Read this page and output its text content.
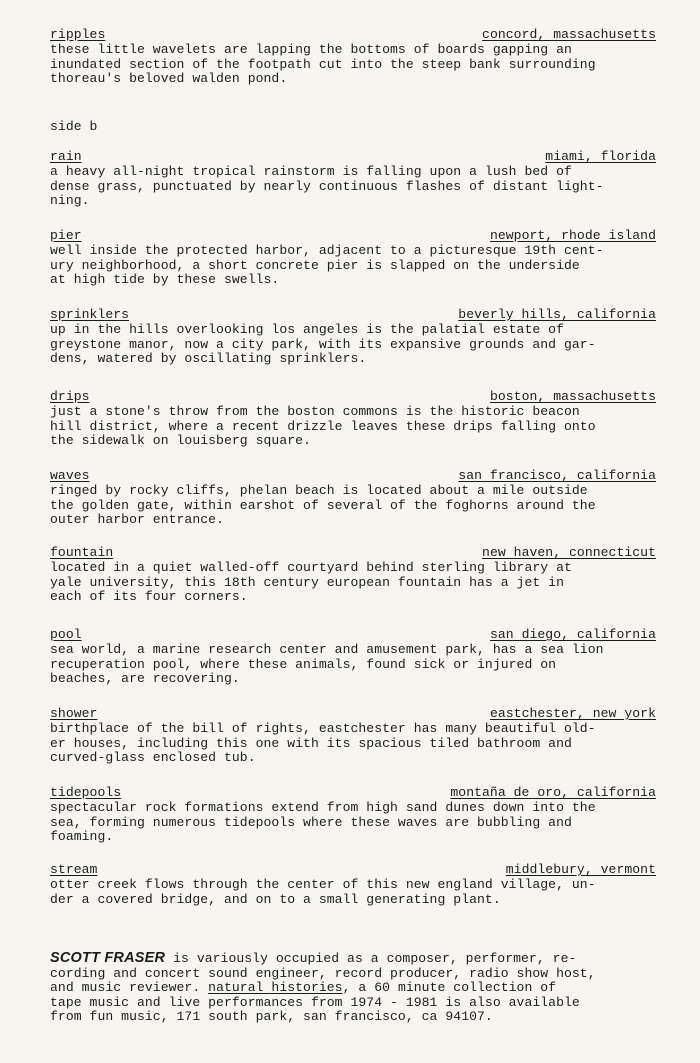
ripples	concord, massachusetts
these little wavelets are lapping the bottoms of boards gapping an
inundated section of the footpath cut into the steep bank surrounding
thoreau's beloved walden pond.
side b
rain	miami, florida
a heavy all-night tropical rainstorm is falling upon a lush bed of
dense grass, punctuated by nearly continuous flashes of distant light-
ning.
pier	newport, rhode island
well inside the protected harbor, adjacent to a picturesque 19th cent-
ury neighborhood, a short concrete pier is slapped on the underside
at high tide by these swells.
sprinklers	beverly hills, california
up in the hills overlooking los angeles is the palatial estate of
greystone manor, now a city park, with its expansive grounds and gar-
dens, watered by oscillating sprinklers.
drips	boston, massachusetts
just a stone's throw from the boston commons is the historic beacon
hill district, where a recent drizzle leaves these drips falling onto
the sidewalk on louisberg square.
waves	san francisco, california
ringed by rocky cliffs, phelan beach is located about a mile outside
the golden gate, within earshot of several of the foghorns around the
outer harbor entrance.
fountain	new haven, connecticut
located in a quiet walled-off courtyard behind sterling library at
yale university, this 18th century european fountain has a jet in
each of its four corners.
pool	san diego, california
sea world, a marine research center and amusement park, has a sea lion
recuperation pool, where these animals, found sick or injured on
beaches, are recovering.
shower	eastchester, new york
birthplace of the bill of rights, eastchester has many beautiful old-
er houses, including this one with its spacious tiled bathroom and
curved-glass enclosed tub.
tidepools	montaña de oro, california
spectacular rock formations extend from high sand dunes down into the
sea, forming numerous tidepools where these waves are bubbling and
foaming.
stream	middlebury, vermont
otter creek flows through the center of this new england village, un-
der a covered bridge, and on to a small generating plant.
SCOTT FRASER is variously occupied as a composer, performer, re-
cording and concert sound engineer, record producer, radio show host,
and music reviewer. natural histories, a 60 minute collection of
tape music and live performances from 1974 - 1981 is also available
from fun music, 171 south park, san francisco, ca 94107.
